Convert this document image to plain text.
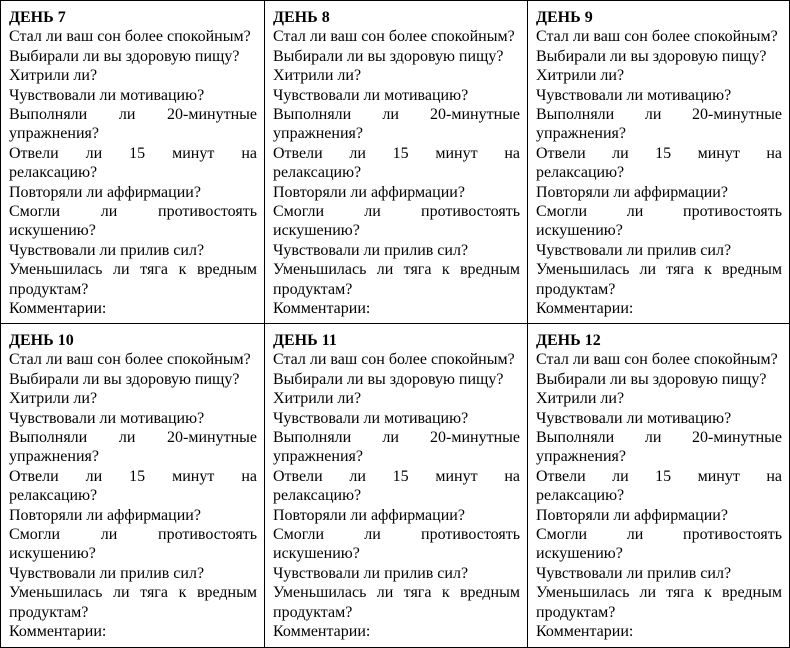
ДЕНЬ 7

Стал ли ваш сон более спокойным?

Выбирали ли вы здоровую пищу?

Хитрили ли?

Чувствовали ли мотивацию?

Выполняли ли 20-минутные упражнения?

Отвели ли 15 минут на релаксацию?

Повторяли ли аффирмации?

Смогли ли противостоять искушению?

Чувствовали ли прилив сил?

Уменьшилась ли тяга к вредным продуктам?

Комментарии:

ДЕНЬ 8

Стал ли ваш сон более спокойным?

Выбирали ли вы здоровую пищу?

Хитрили ли?

Чувствовали ли мотивацию?

Выполняли ли 20-минутные упражнения?

Отвели ли 15 минут на релаксацию?

Повторяли ли аффирмации?

Смогли ли противостоять искушению?

Чувствовали ли прилив сил?

Уменьшилась ли тяга к вредным продуктам?

Комментарии:

ДЕНЬ 9

Стал ли ваш сон более спокойным?

Выбирали ли вы здоровую пищу?

Хитрили ли?

Чувствовали ли мотивацию?

Выполняли ли 20-минутные упражнения?

Отвели ли 15 минут на релаксацию?

Повторяли ли аффирмации?

Смогли ли противостоять искушению?

Чувствовали ли прилив сил?

Уменьшилась ли тяга к вредным продуктам?

Комментарии:

ДЕНЬ 10

Стал ли ваш сон более спокойным?

Выбирали ли вы здоровую пищу?

Хитрили ли?

Чувствовали ли мотивацию?

Выполняли ли 20-минутные упражнения?

Отвели ли 15 минут на релаксацию?

Повторяли ли аффирмации?

Смогли ли противостоять искушению?

Чувствовали ли прилив сил?

Уменьшилась ли тяга к вредным продуктам?

Комментарии:

ДЕНЬ 11

Стал ли ваш сон более спокойным?

Выбирали ли вы здоровую пищу?

Хитрили ли?

Чувствовали ли мотивацию?

Выполняли ли 20-минутные упражнения?

Отвели ли 15 минут на релаксацию?

Повторяли ли аффирмации?

Смогли ли противостоять искушению?

Чувствовали ли прилив сил?

Уменьшилась ли тяга к вредным продуктам?

Комментарии:

ДЕНЬ 12

Стал ли ваш сон более спокойным?

Выбирали ли вы здоровую пищу?

Хитрили ли?

Чувствовали ли мотивацию?

Выполняли ли 20-минутные упражнения?

Отвели ли 15 минут на релаксацию?

Повторяли ли аффирмации?

Смогли ли противостоять искушению?

Чувствовали ли прилив сил?

Уменьшилась ли тяга к вредным продуктам?

Комментарии:
